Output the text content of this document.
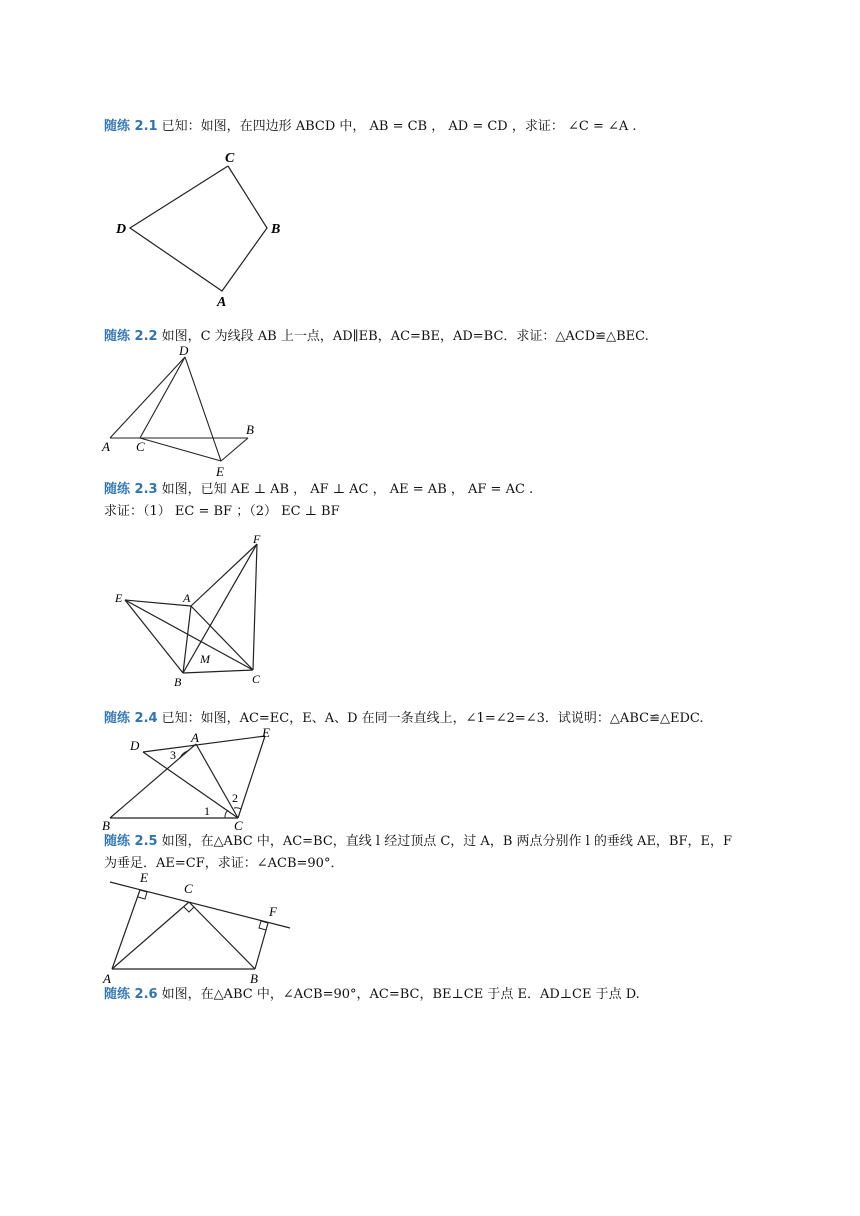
随练 2.1 已知：如图，在四边形 ABCD 中， AB = CB ， AD = CD ，求证： ∠C = ∠A .
C
D	B
A
随练 2.2 如图，C 为线段 AB 上一点，AD∥EB，AC=BE，AD=BC．求证：△ACD≌△BEC.
D
A C
B
E
随练 2.3 如图，已知 AE ⊥ AB ， AF ⊥ AC ， AE = AB ， AF = AC .
求证：（1） EC = BF ；（2） EC ⊥ BF
F
E	A
M
B	C
随练 2.4 已知：如图，AC=EC，E、A、D 在同一条直线上，∠1=∠2=∠3．试说明：△ABC≌△EDC.
D
A	E
B	C
3
1
2
随练 2.5 如图，在△ABC 中，AC=BC，直线 l 经过顶点 C，过 A，B 两点分别作 l 的垂线 AE，BF，E，F
为垂足．AE=CF，求证：∠ACB=90°．
E
C
F
A	B
随练 2.6 如图，在△ABC 中，∠ACB=90°，AC=BC，BE⊥CE 于点 E．AD⊥CE 于点 D.
